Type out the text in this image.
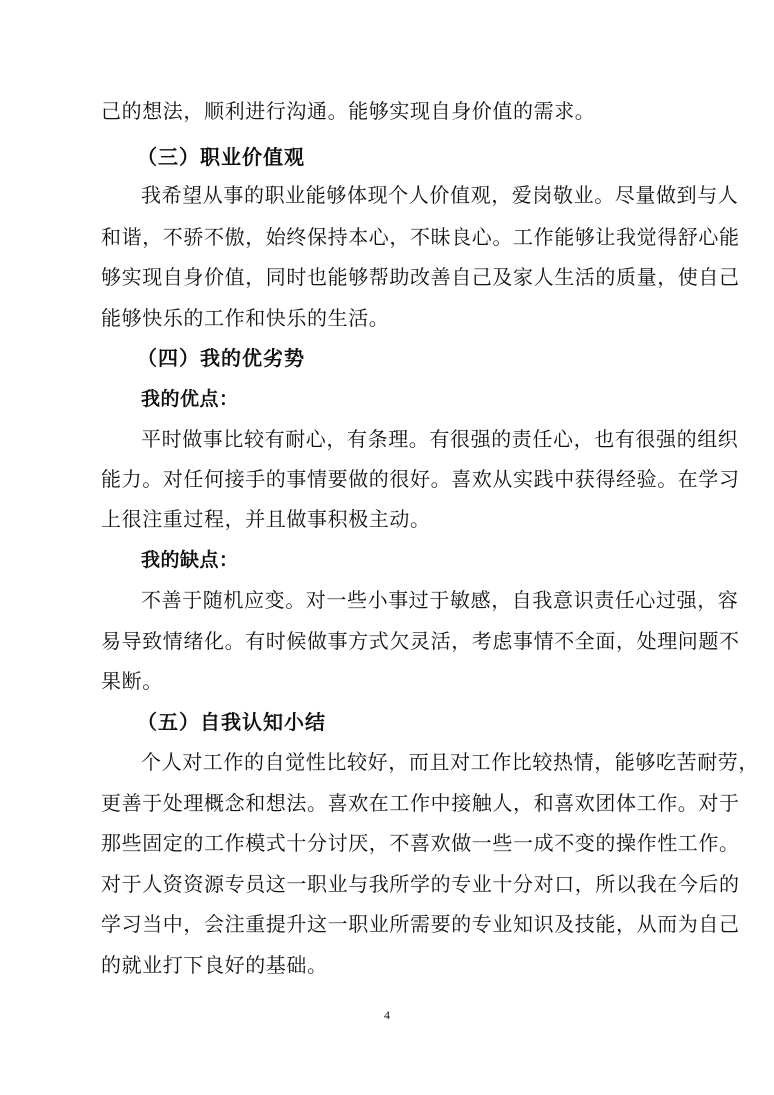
己的想法，顺利进行沟通。能够实现自身价值的需求。
（三）职业价值观
我希望从事的职业能够体现个人价值观，爱岗敬业。尽量做到与人
和谐，不骄不傲，始终保持本心，不昧良心。工作能够让我觉得舒心能
够实现自身价值，同时也能够帮助改善自己及家人生活的质量，使自己
能够快乐的工作和快乐的生活。
（四）我的优劣势
我的优点：
平时做事比较有耐心，有条理。有很强的责任心，也有很强的组织
能力。对任何接手的事情要做的很好。喜欢从实践中获得经验。在学习
上很注重过程，并且做事积极主动。
我的缺点：
不善于随机应变。对一些小事过于敏感，自我意识责任心过强，容
易导致情绪化。有时候做事方式欠灵活，考虑事情不全面，处理问题不
果断。
（五）自我认知小结
个人对工作的自觉性比较好，而且对工作比较热情，能够吃苦耐劳，
更善于处理概念和想法。喜欢在工作中接触人，和喜欢团体工作。对于
那些固定的工作模式十分讨厌，不喜欢做一些一成不变的操作性工作。
对于人资资源专员这一职业与我所学的专业十分对口，所以我在今后的
学习当中，会注重提升这一职业所需要的专业知识及技能，从而为自己
的就业打下良好的基础。
4
